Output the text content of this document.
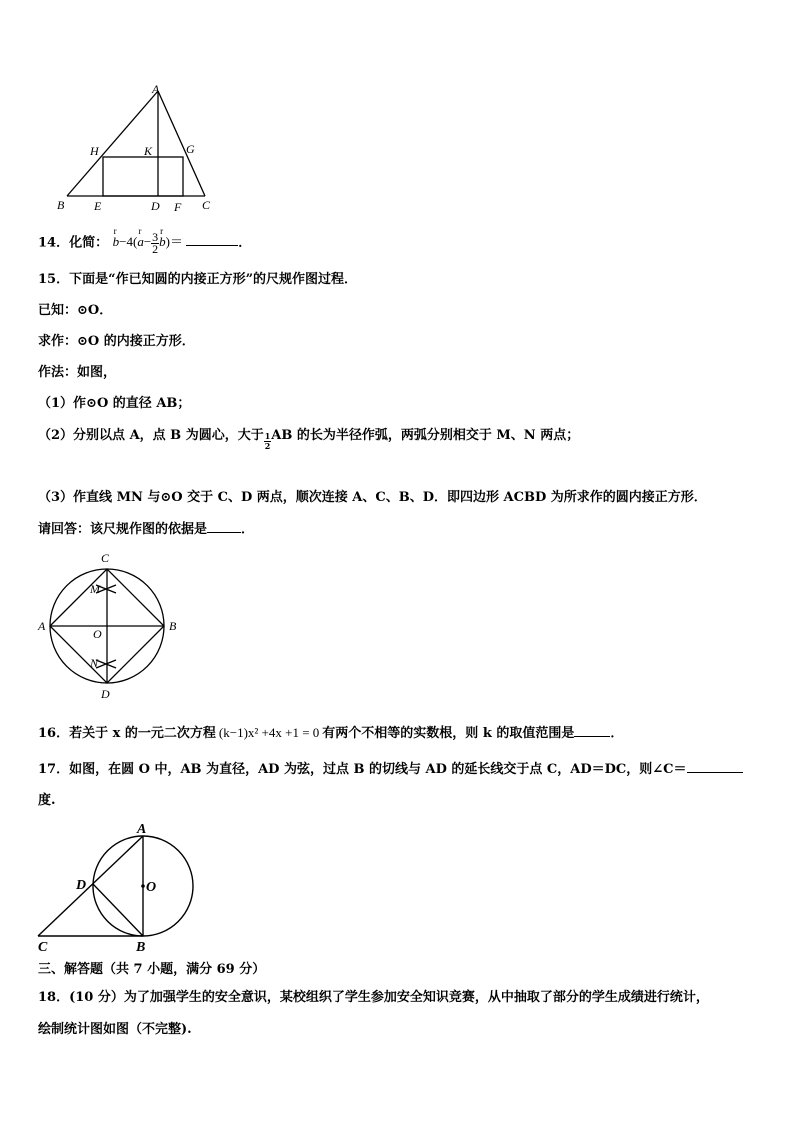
A
H	K	G
B E	D F C
14．化简： r b−4(r $a- \frac{3}{2}$ r b)＝	．
15．下面是“作已知圆的内接正方形”的尺规作图过程．
已知：⊙O．
求作：⊙O 的内接正方形．
作法：如图，
（1）作⊙O 的直径 AB；
（2）分别以点 A，点 B 为圆心，大于 $\frac{1}{2}$ AB 的长为半径作弧，两弧分别相交于 M、N 两点；
（3）作直线 MN 与⊙O 交于 C、D 两点，顺次连接 A、C、B、D．即四边形 ACBD 为所求作的圆内接正方形．
请回答：该尺规作图的依据是	．
C
M
A
O
B
N
D
16．若关于 x 的一元二次方程 (k−1)x² +4x +1 = 0 有两个不相等的实数根，则 k 的取值范围是	．
17．如图，在圆 O 中，AB 为直径，AD 为弦，过点 B 的切线与 AD 的延长线交于点 C，AD＝DC，则∠C＝
度.
A
D	O
C	B
三、解答题（共 7 小题，满分 69 分）
18．(10 分）为了加强学生的安全意识，某校组织了学生参加安全知识竞赛，从中抽取了部分的学生成绩进行统计，
绘制统计图如图（不完整).
